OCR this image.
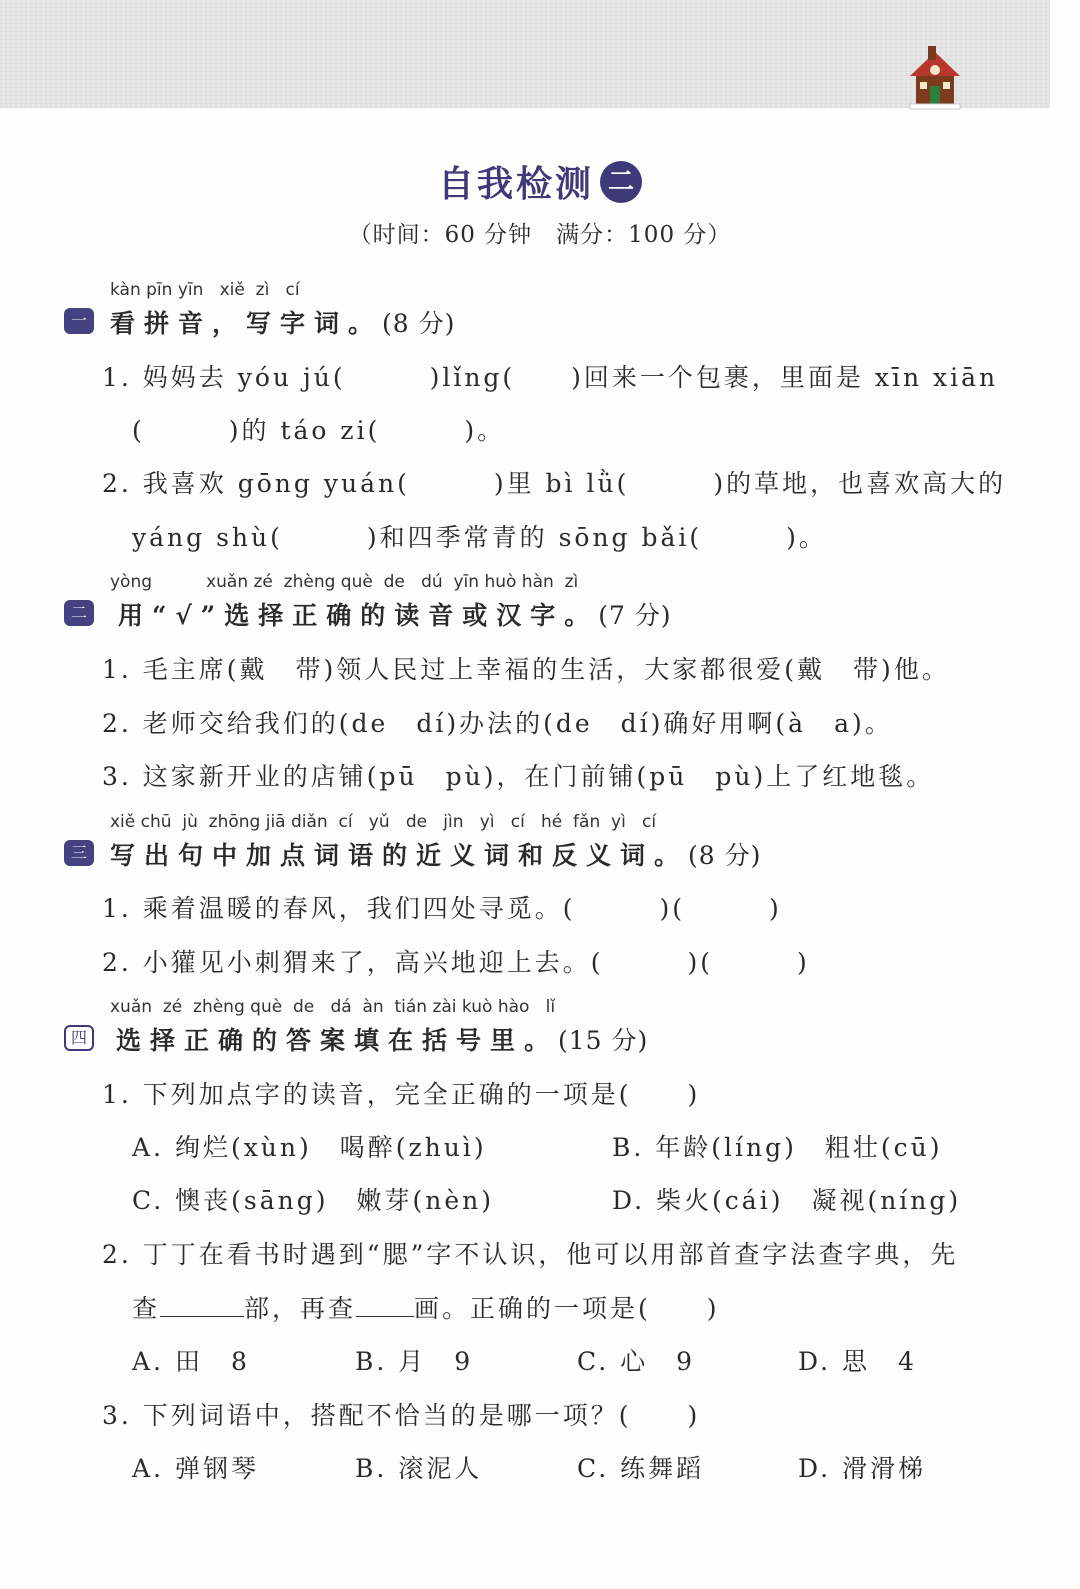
自我检测 二
（时间：60 分钟　满分：100 分）
kàn pīn yīn   xiě  zì   cí
一 看拼音，写字词。(8 分)
1. 妈妈去 yóu jú(　　　)lǐng(　　)回来一个包裹，里面是 xīn xiān
(　　　)的 táo zi(　　　)。
2. 我喜欢 gōng yuán(　　　)里 bì lǜ(　　　)的草地，也喜欢高大的
yáng shù(　　　)和四季常青的 sōng bǎi(　　　)。
yòng          xuǎn zé  zhèng què  de   dú  yīn huò hàn  zì
二 用“√”选择正确的读音或汉字。(7 分)
1. 毛主席(戴　带)领人民过上幸福的生活，大家都很爱(戴　带)他。
2. 老师交给我们的(de　dí)办法的(de　dí)确好用啊(à　a)。
3. 这家新开业的店铺(pū　pù)，在门前铺(pū　pù)上了红地毯。
xiě chū  jù  zhōng jiā diǎn  cí   yǔ   de   jìn   yì   cí   hé  fǎn  yì   cí
三 写出句中加点词语的近义词和反义词。(8 分)
1. 乘着温暖的春风，我们四处寻觅。(　　　)(　　　)
2. 小獾见小刺猬来了，高兴地迎上去。(　　　)(　　　)
xuǎn  zé  zhèng què  de   dá  àn  tián zài kuò hào   lǐ
四 选择正确的答案填在括号里。(15 分)
1. 下列加点字的读音，完全正确的一项是(　　)
A. 绚烂(xùn)　喝醉(zhuì)	B. 年龄(líng)　粗壮(cū)
C. 懊丧(sāng)　嫩芽(nèn)	D. 柴火(cái)　凝视(níng)
2. 丁丁在看书时遇到“腮”字不认识，他可以用部首查字法查字典，先
查	部，再查 画。正确的一项是(　　)
A. 田　8	B. 月　9	C. 心　9	D. 思　4
3. 下列词语中，搭配不恰当的是哪一项？(　　)
A. 弹钢琴	B. 滚泥人	C. 练舞蹈	D. 滑滑梯
